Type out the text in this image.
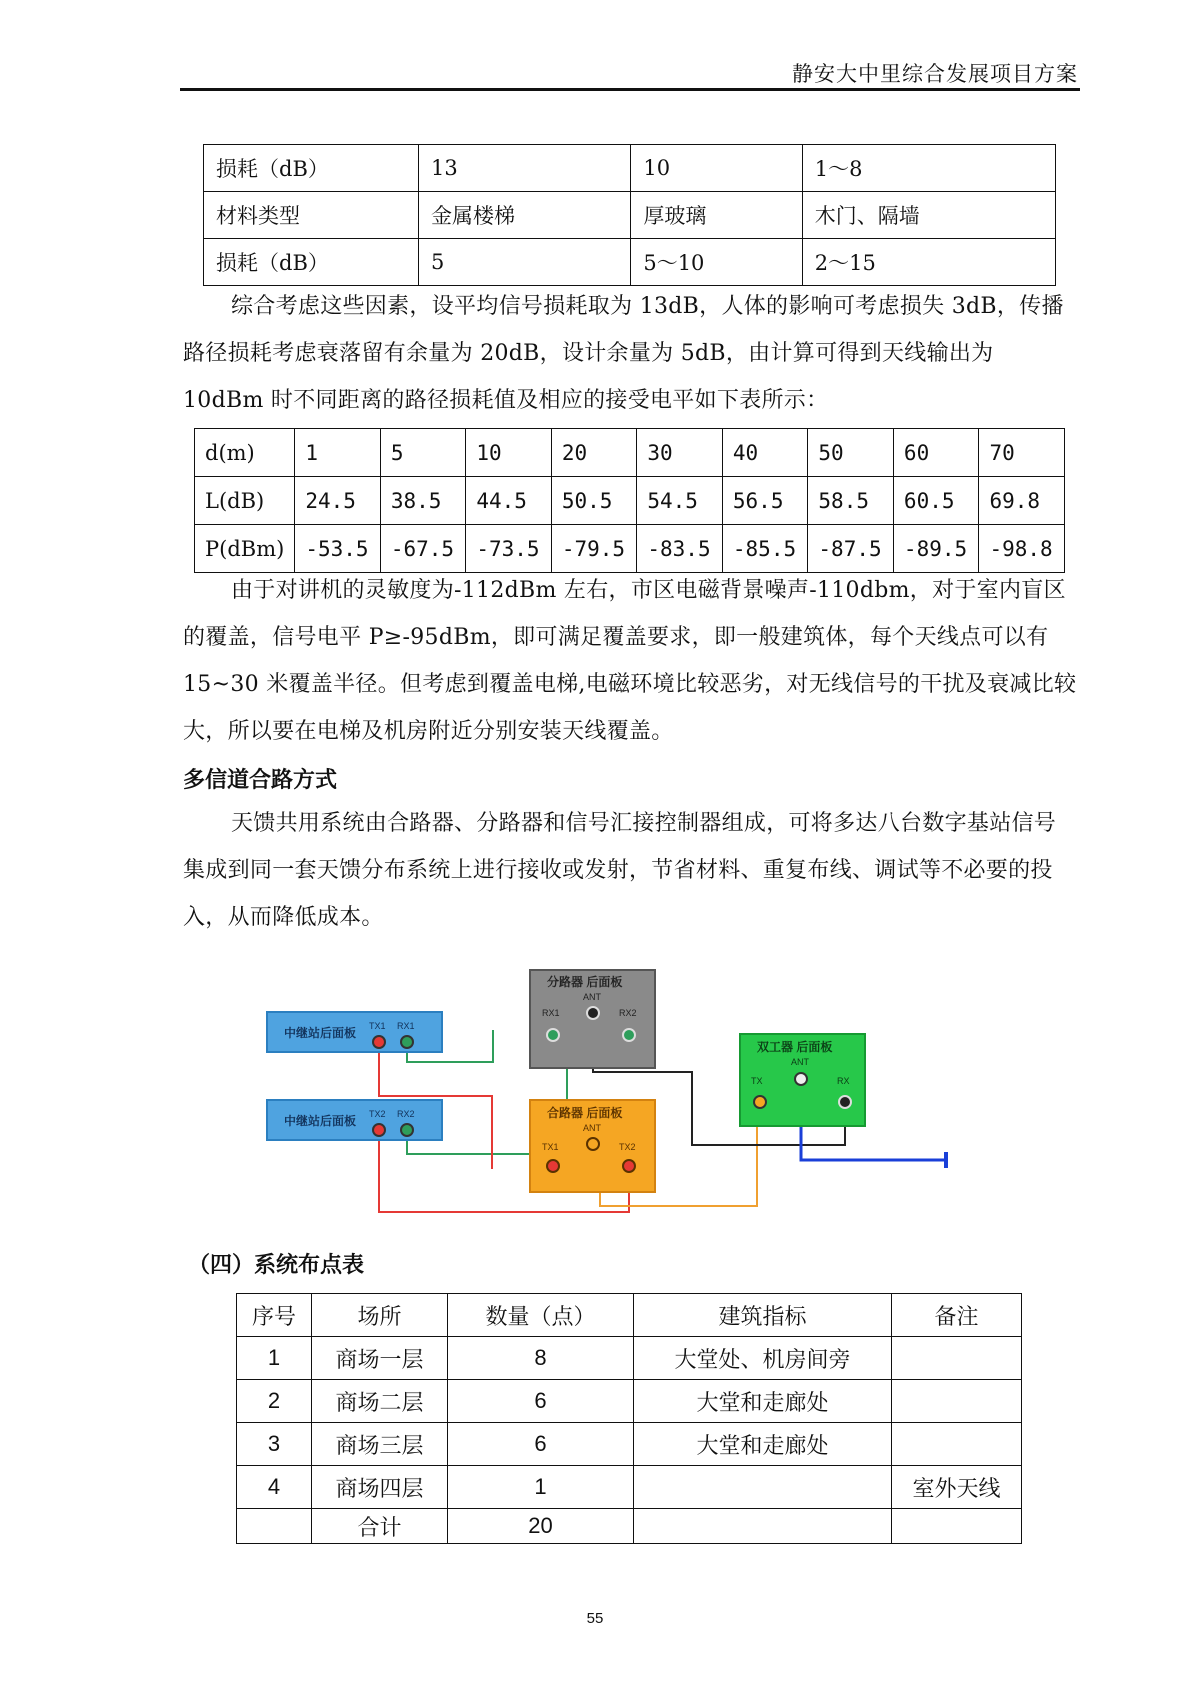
静安大中里综合发展项目方案
损耗（dB）	13	10	1～8
材料类型	金属楼梯	厚玻璃	木门、隔墙
损耗（dB）	5	5～10	2～15
综合考虑这些因素，设平均信号损耗取为 13dB，人体的影响可考虑损失 3dB，传播路径损耗考虑衰落留有余量为 20dB，设计余量为 5dB，由计算可得到天线输出为 10dBm 时不同距离的路径损耗值及相应的接受电平如下表所示：
d(m)	1	5	10	20	30	40	50	60	70
L(dB)	24.5	38.5	44.5	50.5	54.5	56.5	58.5	60.5	69.8
P(dBm)	-53.5	-67.5	-73.5	-79.5	-83.5	-85.5	-87.5	-89.5	-98.8
由于对讲机的灵敏度为-112dBm 左右，市区电磁背景噪声-110dbm，对于室内盲区的覆盖，信号电平 P≥-95dBm，即可满足覆盖要求，即一般建筑体，每个天线点可以有 15~30 米覆盖半径。但考虑到覆盖电梯,电磁环境比较恶劣，对无线信号的干扰及衰减比较大，所以要在电梯及机房附近分别安装天线覆盖。
多信道合路方式
天馈共用系统由合路器、分路器和信号汇接控制器组成，可将多达八台数字基站信号集成到同一套天馈分布系统上进行接收或发射，节省材料、重复布线、调试等不必要的投入，从而降低成本。
中继站后面板 TX1 RX1
中继站后面板 TX2 RX2
分路器 后面板
ANT
RX1	RX2
合路器 后面板
ANT
TX1	TX2
双工器 后面板
ANT
TX	RX
（四）系统布点表
序号	场所	数量（点）	建筑指标	备注
1	商场一层	8	大堂处、机房间旁	
2	商场二层	6	大堂和走廊处	
3	商场三层	6	大堂和走廊处	
4	商场四层	1		室外天线
	合计	20		
55
